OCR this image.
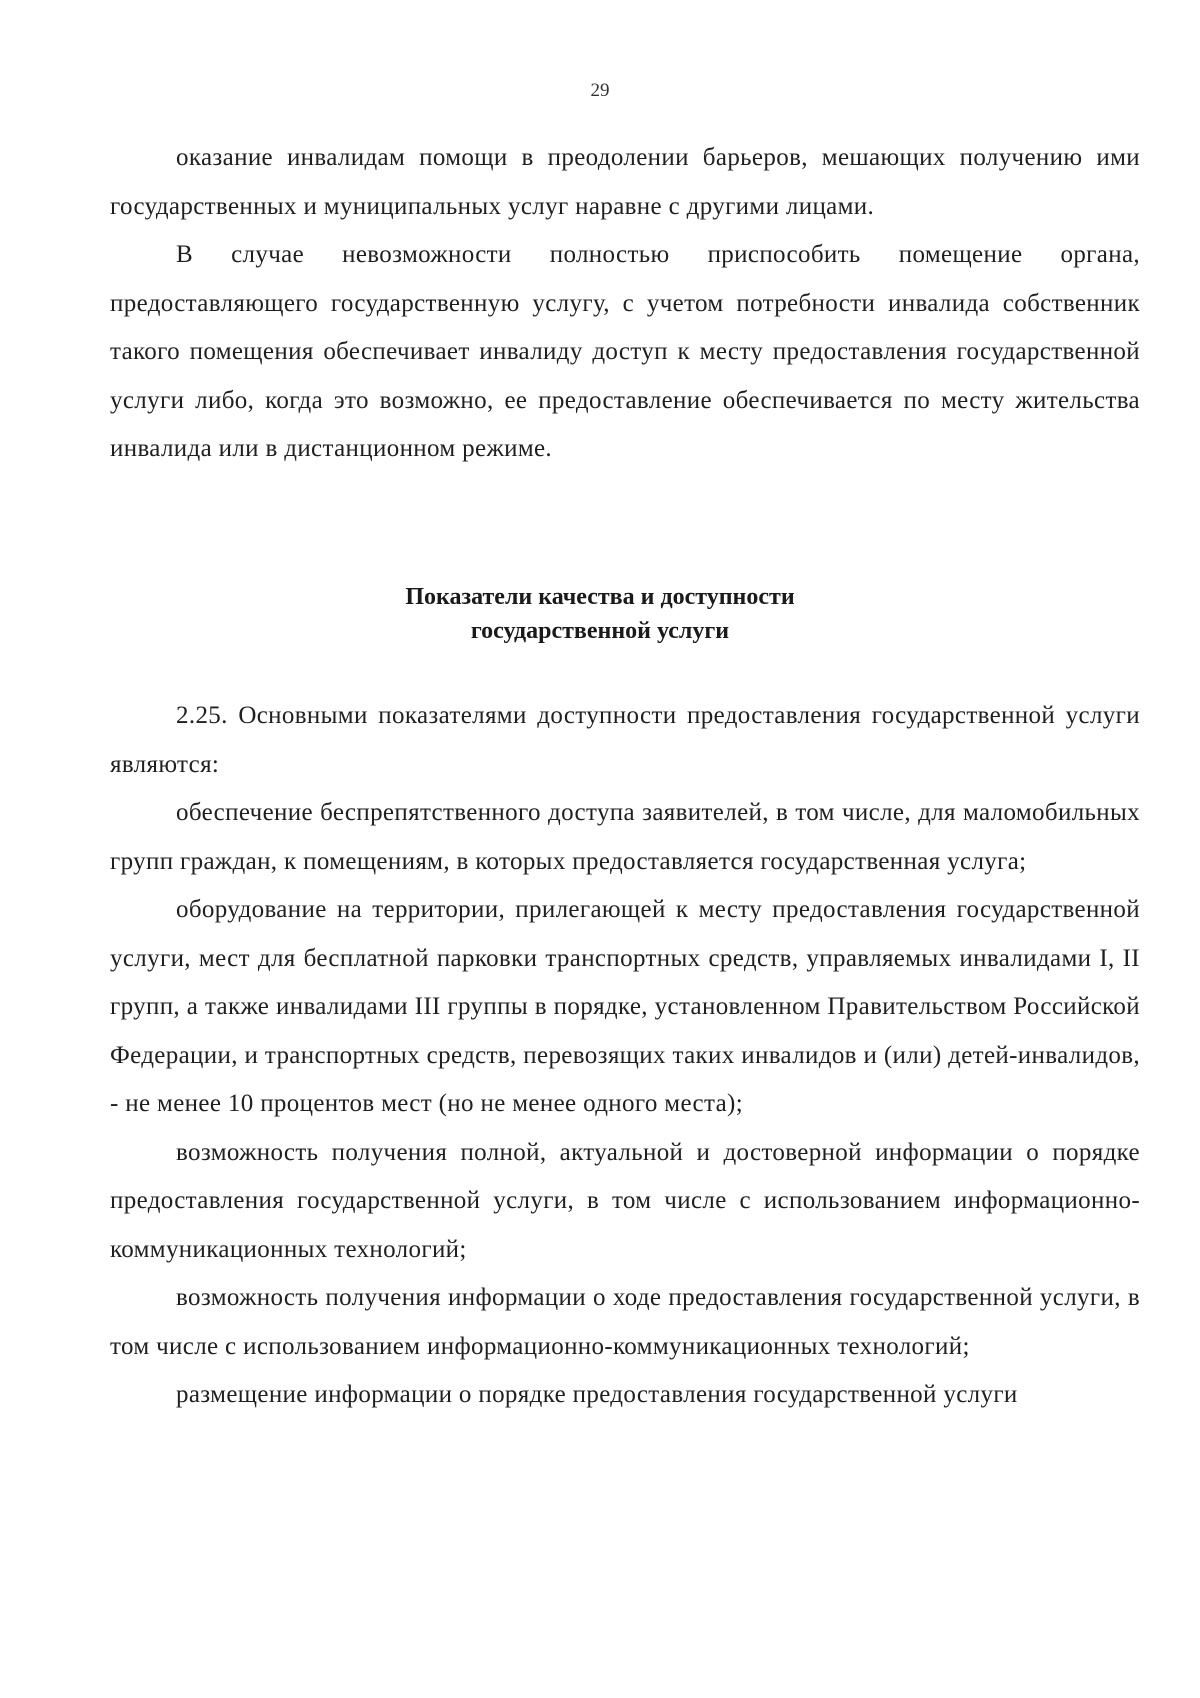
29

оказание инвалидам помощи в преодолении барьеров, мешающих получению ими государственных и муниципальных услуг наравне с другими лицами.

В случае невозможности полностью приспособить помещение органа, предоставляющего государственную услугу, с учетом потребности инвалида собственник такого помещения обеспечивает инвалиду доступ к месту предоставления государственной услуги либо, когда это возможно, ее предоставление обеспечивается по месту жительства инвалида или в дистанционном режиме.

Показатели качества и доступности
государственной услуги

2.25. Основными показателями доступности предоставления государственной услуги являются:

обеспечение беспрепятственного доступа заявителей, в том числе, для маломобильных групп граждан, к помещениям, в которых предоставляется государственная услуга;

оборудование на территории, прилегающей к месту предоставления государственной услуги, мест для бесплатной парковки транспортных средств, управляемых инвалидами I, II групп, а также инвалидами III группы в порядке, установленном Правительством Российской Федерации, и транспортных средств, перевозящих таких инвалидов и (или) детей-инвалидов, - не менее 10 процентов мест (но не менее одного места);

возможность получения полной, актуальной и достоверной информации о порядке предоставления государственной услуги, в том числе с использованием информационно-коммуникационных технологий;

возможность получения информации о ходе предоставления государственной услуги, в том числе с использованием информационно-коммуникационных технологий;

размещение информации о порядке предоставления государственной услуги
